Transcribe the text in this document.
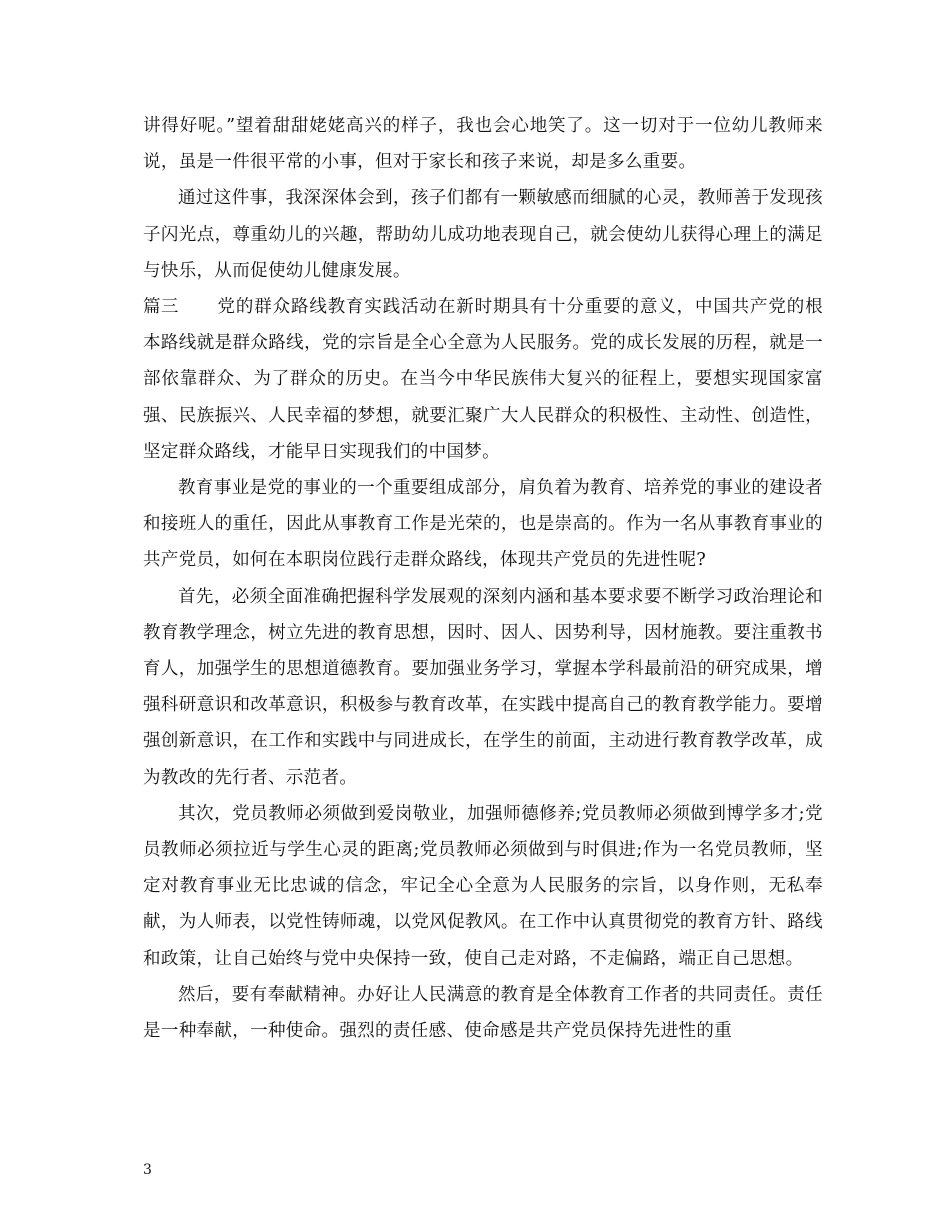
讲得好呢。”望着甜甜姥姥高兴的样子，我也会心地笑了。这一切对于一位幼儿教师来说，虽是一件很平常的小事，但对于家长和孩子来说，却是多么重要。

通过这件事，我深深体会到，孩子们都有一颗敏感而细腻的心灵，教师善于发现孩子闪光点，尊重幼儿的兴趣，帮助幼儿成功地表现自己，就会使幼儿获得心理上的满足与快乐，从而促使幼儿健康发展。

篇三 党的群众路线教育实践活动在新时期具有十分重要的意义，中国共产党的根本路线就是群众路线，党的宗旨是全心全意为人民服务。党的成长发展的历程，就是一部依靠群众、为了群众的历史。在当今中华民族伟大复兴的征程上，要想实现国家富强、民族振兴、人民幸福的梦想，就要汇聚广大人民群众的积极性、主动性、创造性，坚定群众路线，才能早日实现我们的中国梦。

教育事业是党的事业的一个重要组成部分，肩负着为教育、培养党的事业的建设者和接班人的重任，因此从事教育工作是光荣的，也是崇高的。作为一名从事教育事业的共产党员，如何在本职岗位践行走群众路线，体现共产党员的先进性呢?

首先，必须全面准确把握科学发展观的深刻内涵和基本要求要不断学习政治理论和教育教学理念，树立先进的教育思想，因时、因人、因势利导，因材施教。要注重教书育人，加强学生的思想道德教育。要加强业务学习，掌握本学科最前沿的研究成果，增强科研意识和改革意识，积极参与教育改革，在实践中提高自己的教育教学能力。要增强创新意识，在工作和实践中与同进成长，在学生的前面，主动进行教育教学改革，成为教改的先行者、示范者。

其次，党员教师必须做到爱岗敬业，加强师德修养;党员教师必须做到博学多才;党员教师必须拉近与学生心灵的距离;党员教师必须做到与时俱进;作为一名党员教师，坚定对教育事业无比忠诚的信念，牢记全心全意为人民服务的宗旨，以身作则，无私奉献，为人师表，以党性铸师魂，以党风促教风。在工作中认真贯彻党的教育方针、路线和政策，让自己始终与党中央保持一致，使自己走对路，不走偏路，端正自己思想。

然后，要有奉献精神。办好让人民满意的教育是全体教育工作者的共同责任。责任是一种奉献，一种使命。强烈的责任感、使命感是共产党员保持先进性的重

3
